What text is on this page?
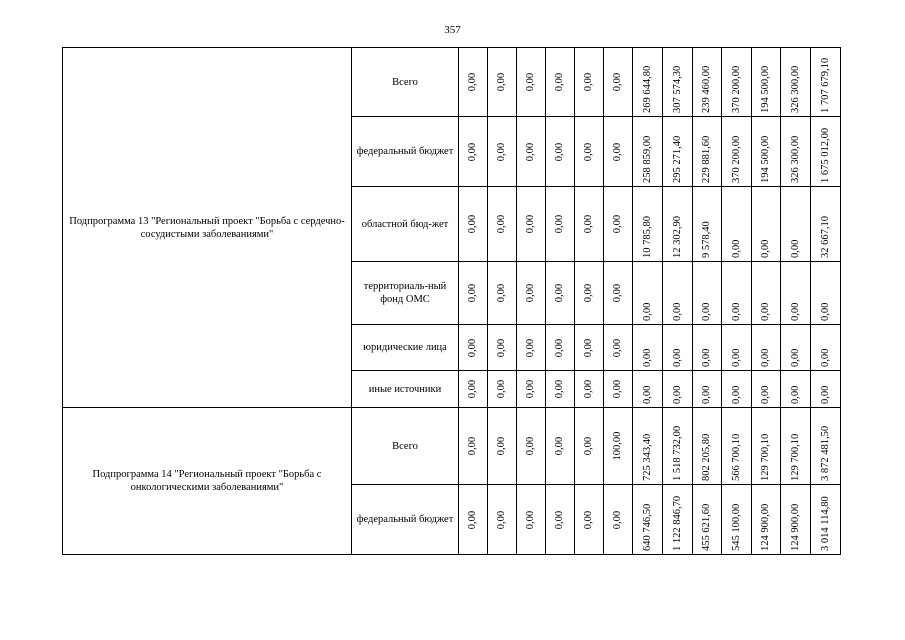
357
Подпрограмма 13 "Региональный проект "Борьба с сердечно-сосудистыми заболеваниями"	Всего	0,00	0,00	0,00	0,00	0,00	0,00	269 644,80	307 574,30	239 460,00	370 200,00	194 500,00	326 300,00	1 707 679,10

	федеральный бюджет	0,00	0,00	0,00	0,00	0,00	0,00	258 859,00	295 271,40	229 881,60	370 200,00	194 500,00	326 300,00	1 675 012,00

	областной бюд-жет	0,00	0,00	0,00	0,00	0,00	0,00	10 785,80	12 302,90	9 578,40	0,00	0,00	0,00	32 667,10

	территориаль-ный фонд ОМС	0,00	0,00	0,00	0,00	0,00	0,00	0,00	0,00	0,00	0,00	0,00	0,00	0,00

	юридические лица	0,00	0,00	0,00	0,00	0,00	0,00	0,00	0,00	0,00	0,00	0,00	0,00	0,00

	иные источники	0,00	0,00	0,00	0,00	0,00	0,00	0,00	0,00	0,00	0,00	0,00	0,00	0,00

Подпрограмма 14 "Региональный проект "Борьба с онкологическими заболеваниями"	Всего	0,00	0,00	0,00	0,00	0,00	100,00	725 343,40	1 518 732,00	802 205,80	566 700,10	129 700,10	129 700,10	3 872 481,50

	федеральный бюджет	0,00	0,00	0,00	0,00	0,00	0,00	640 746,50	1 122 846,70	455 621,60	545 100,00	124 900,00	124 900,00	3 014 114,80
